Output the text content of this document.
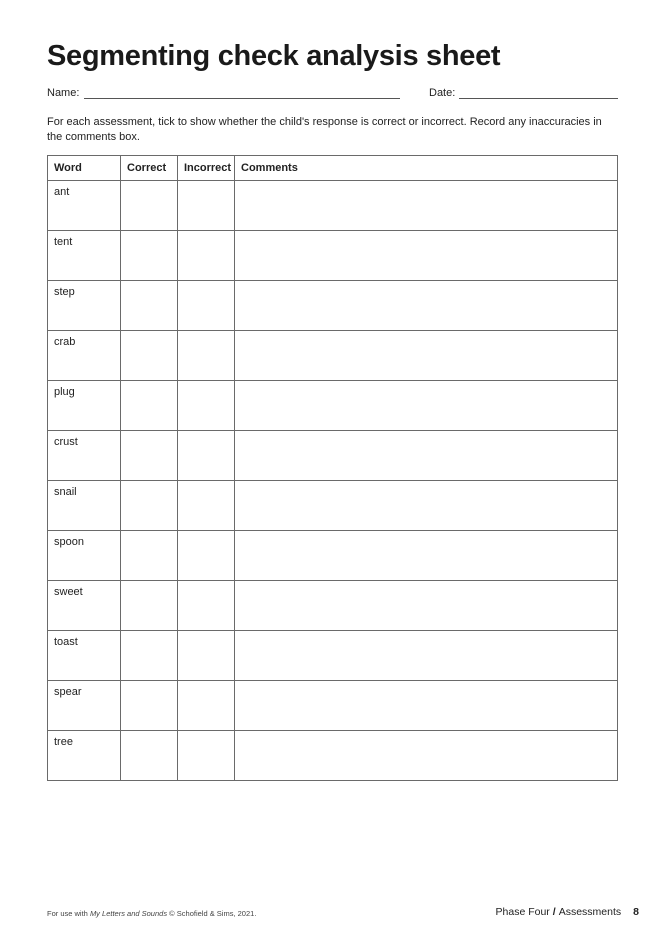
Segmenting check analysis sheet
Name:	Date:

For each assessment, tick to show whether the child's response is correct or incorrect. Record any inaccuracies in the comments box.

Word	Correct	Incorrect	Comments
ant			
tent			
step			
crab			
plug			
crust			
snail			
spoon			
sweet			
toast			
spear			
tree			
For use with My Letters and Sounds © Schofield & Sims, 2021.	Phase Four / Assessments 8
